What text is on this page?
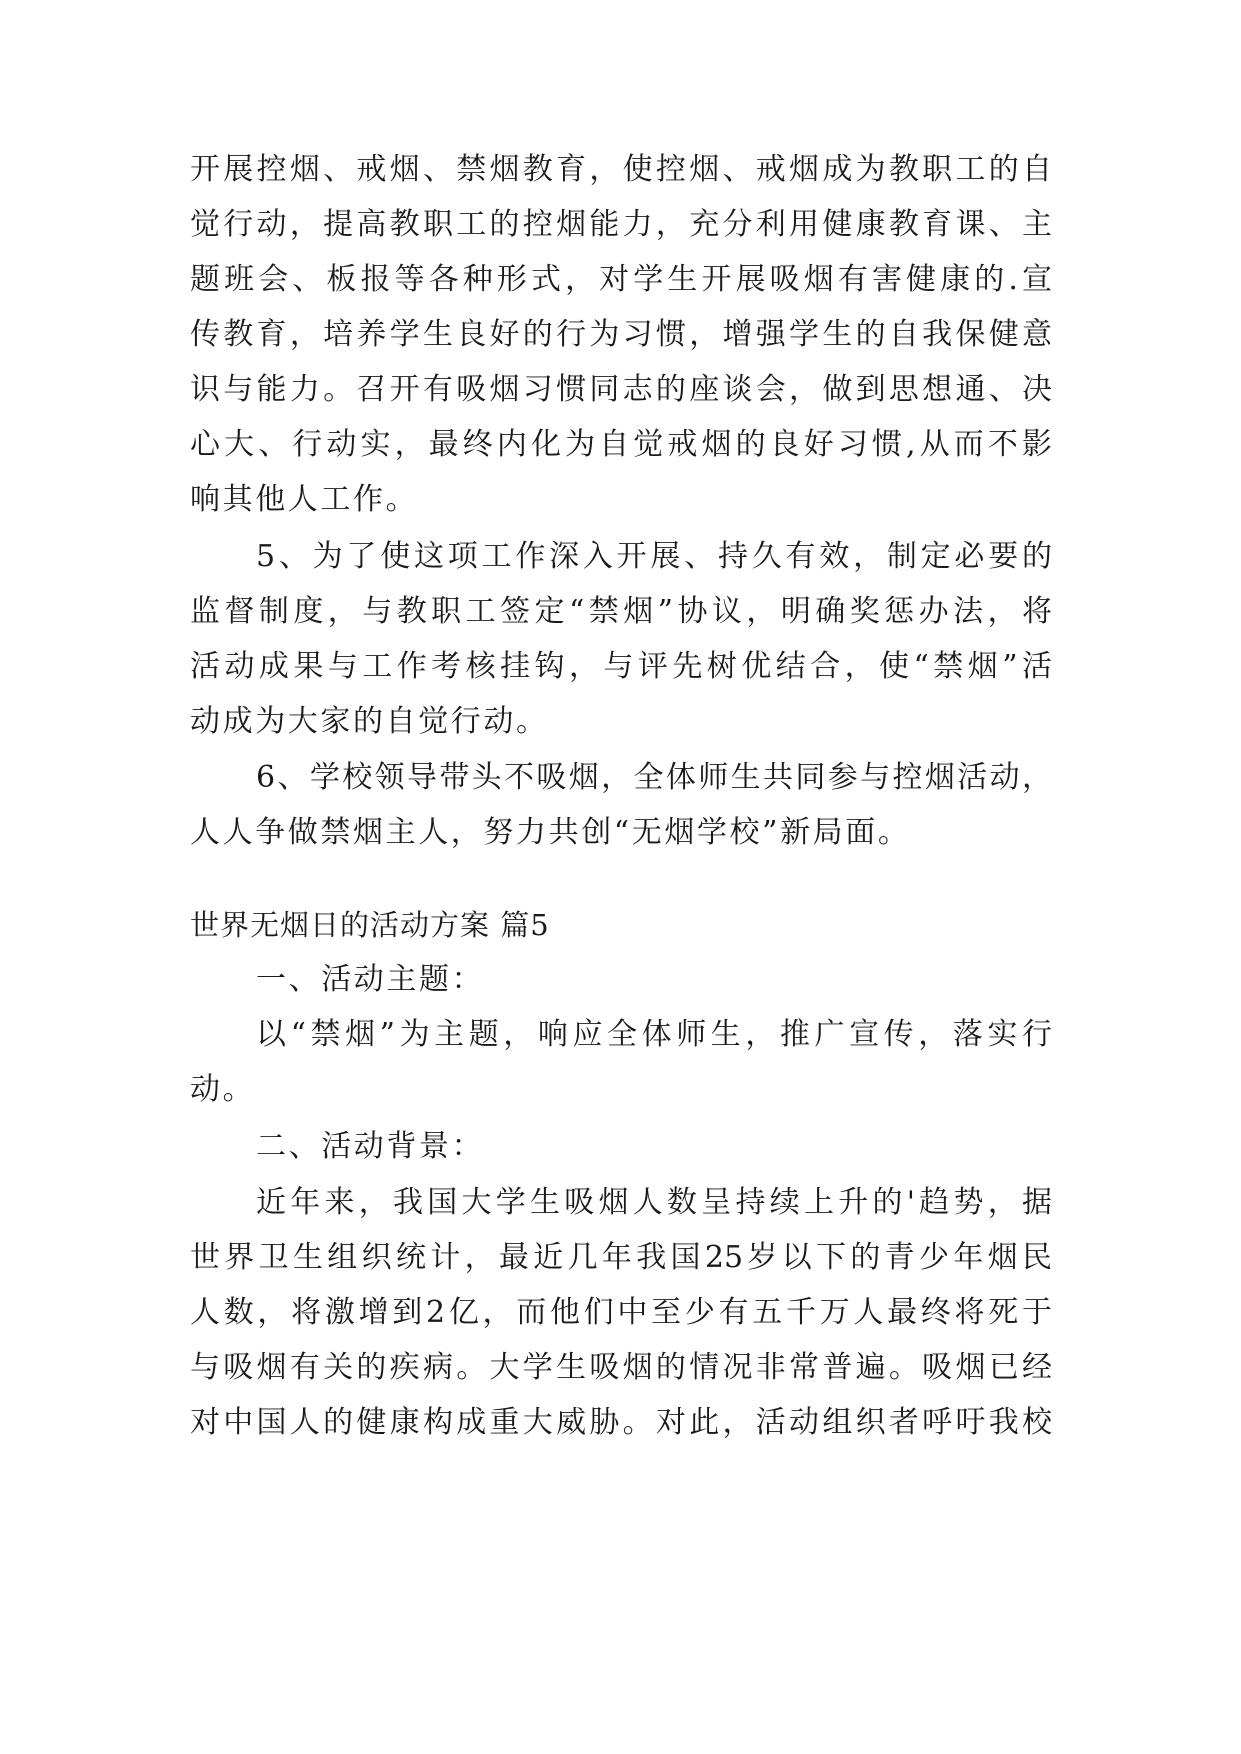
开展控烟、戒烟、禁烟教育，使控烟、戒烟成为教职工的自
觉行动，提高教职工的控烟能力，充分利用健康教育课、主
题班会、板报等各种形式，对学生开展吸烟有害健康的.宣
传教育，培养学生良好的行为习惯，增强学生的自我保健意
识与能力。召开有吸烟习惯同志的座谈会，做到思想通、决
心大、行动实，最终内化为自觉戒烟的良好习惯,从而不影
响其他人工作。
5、为了使这项工作深入开展、持久有效，制定必要的
监督制度，与教职工签定“禁烟”协议，明确奖惩办法，将
活动成果与工作考核挂钩，与评先树优结合，使“禁烟”活
动成为大家的自觉行动。
6、学校领导带头不吸烟，全体师生共同参与控烟活动，
人人争做禁烟主人，努力共创“无烟学校”新局面。
世界无烟日的活动方案 篇5
一、活动主题：
以“禁烟”为主题，响应全体师生，推广宣传，落实行
动。
二、活动背景：
近年来，我国大学生吸烟人数呈持续上升的'趋势，据
世界卫生组织统计，最近几年我国25岁以下的青少年烟民
人数，将激增到2亿，而他们中至少有五千万人最终将死于
与吸烟有关的疾病。大学生吸烟的情况非常普遍。吸烟已经
对中国人的健康构成重大威胁。对此，活动组织者呼吁我校
